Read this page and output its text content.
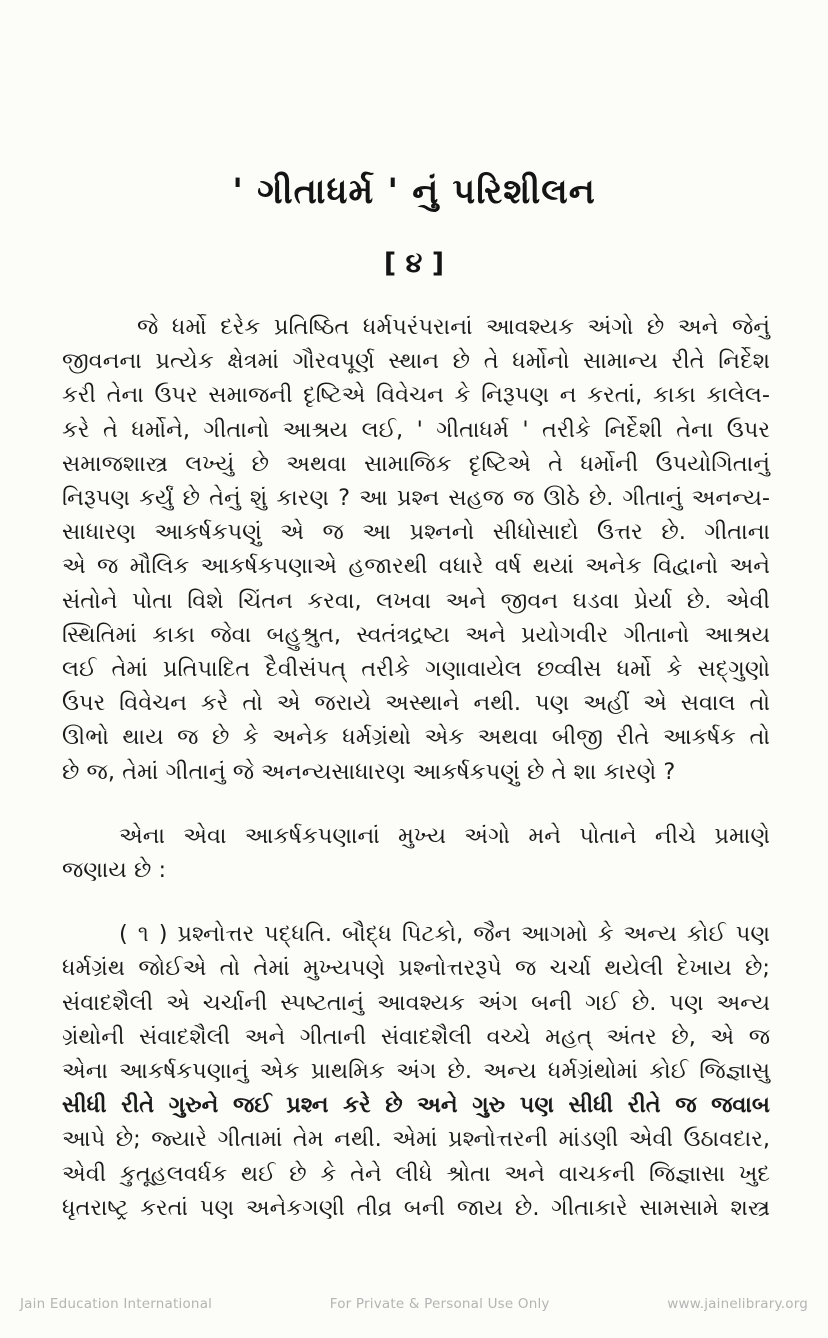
' ગીતાધર્મ ' નું પરિશીલન
[ ૪ ]
જે ધર્મો દરેક પ્રતિષ્ઠિત ધર્મપરંપરાનાં આવશ્યક અંગો છે અને જેનું
જીવનના પ્રત્યેક ક્ષેત્રમાં ગૌરવપૂર્ણ સ્થાન છે તે ધર્મોનો સામાન્ય રીતે નિર્દેશ
કરી તેના ઉપર સમાજની દૃષ્ટિએ વિવેચન કે નિરૂપણ ન કરતાં, કાકા કાલેલ-
કરે તે ધર્મોને, ગીતાનો આશ્રય લઈ, ' ગીતાધર્મ ' તરીકે નિર્દેશી તેના ઉપર
સમાજશાસ્ત્ર લખ્યું છે અથવા સામાજિક દૃષ્ટિએ તે ધર્મોની ઉપયોગિતાનું
નિરૂપણ કર્યું છે તેનું શું કારણ ? આ પ્રશ્ન સહજ જ ઊઠે છે. ગીતાનું અનન્ય-
સાધારણ આકર્ષકપણું એ જ આ પ્રશ્નનો સીધોસાદો ઉત્તર છે. ગીતાના
એ જ મૌલિક આકર્ષકપણાએ હજારથી વધારે વર્ષ થયાં અનેક વિદ્વાનો અને
સંતોને પોતા વિશે ચિંતન કરવા, લખવા અને જીવન ઘડવા પ્રેર્યા છે. એવી
સ્થિતિમાં કાકા જેવા બહુશ્રુત, સ્વતંત્રદ્રષ્ટા અને પ્રયોગવીર ગીતાનો આશ્રય
લઈ તેમાં પ્રતિપાદિત દૈવીસંપત્ તરીકે ગણાવાયેલ છવ્વીસ ધર્મો કે સદ્ગુણો
ઉપર વિવેચન કરે તો એ જરાયે અસ્થાને નથી. પણ અહીં એ સવાલ તો
ઊભો થાય જ છે કે અનેક ધર્મગ્રંથો એક અથવા બીજી રીતે આકર્ષક તો
છે જ, તેમાં ગીતાનું જે અનન્યસાધારણ આકર્ષકપણું છે તે શા કારણે ?
એના એવા આકર્ષકપણાનાં મુખ્ય અંગો મને પોતાને નીચે પ્રમાણે
જણાય છે :
( ૧ ) પ્રશ્નોત્તર પદ્ધતિ. બૌદ્ધ પિટકો, જૈન આગમો કે અન્ય કોઈ પણ
ધર્મગ્રંથ જોઈએ તો તેમાં મુખ્યપણે પ્રશ્નોત્તરરૂપે જ ચર્ચા થયેલી દેખાય છે;
સંવાદશૈલી એ ચર્ચાની સ્પષ્ટતાનું આવશ્યક અંગ બની ગઈ છે. પણ અન્ય
ગ્રંથોની સંવાદશૈલી અને ગીતાની સંવાદશૈલી વચ્ચે મહત્ અંતર છે, એ જ
એના આકર્ષકપણાનું એક પ્રાથમિક અંગ છે. અન્ય ધર્મગ્રંથોમાં કોઈ જિજ્ઞાસુ
સીધી રીતે ગુરુને જઈ પ્રશ્ન કરે છે અને ગુરુ પણ સીધી રીતે જ જવાબ
આપે છે; જ્યારે ગીતામાં તેમ નથી. એમાં પ્રશ્નોત્તરની માંડણી એવી ઉઠાવદાર,
એવી કુતૂહલવર્ધક થઈ છે કે તેને લીધે શ્રોતા અને વાચકની જિજ્ઞાસા ખુદ
ધૃતરાષ્ટ્ર કરતાં પણ અનેકગણી તીવ્ર બની જાય છે. ગીતાકારે સામસામે શસ્ત્ર
Jain Education International	For Private & Personal Use Only	www.jainelibrary.org
